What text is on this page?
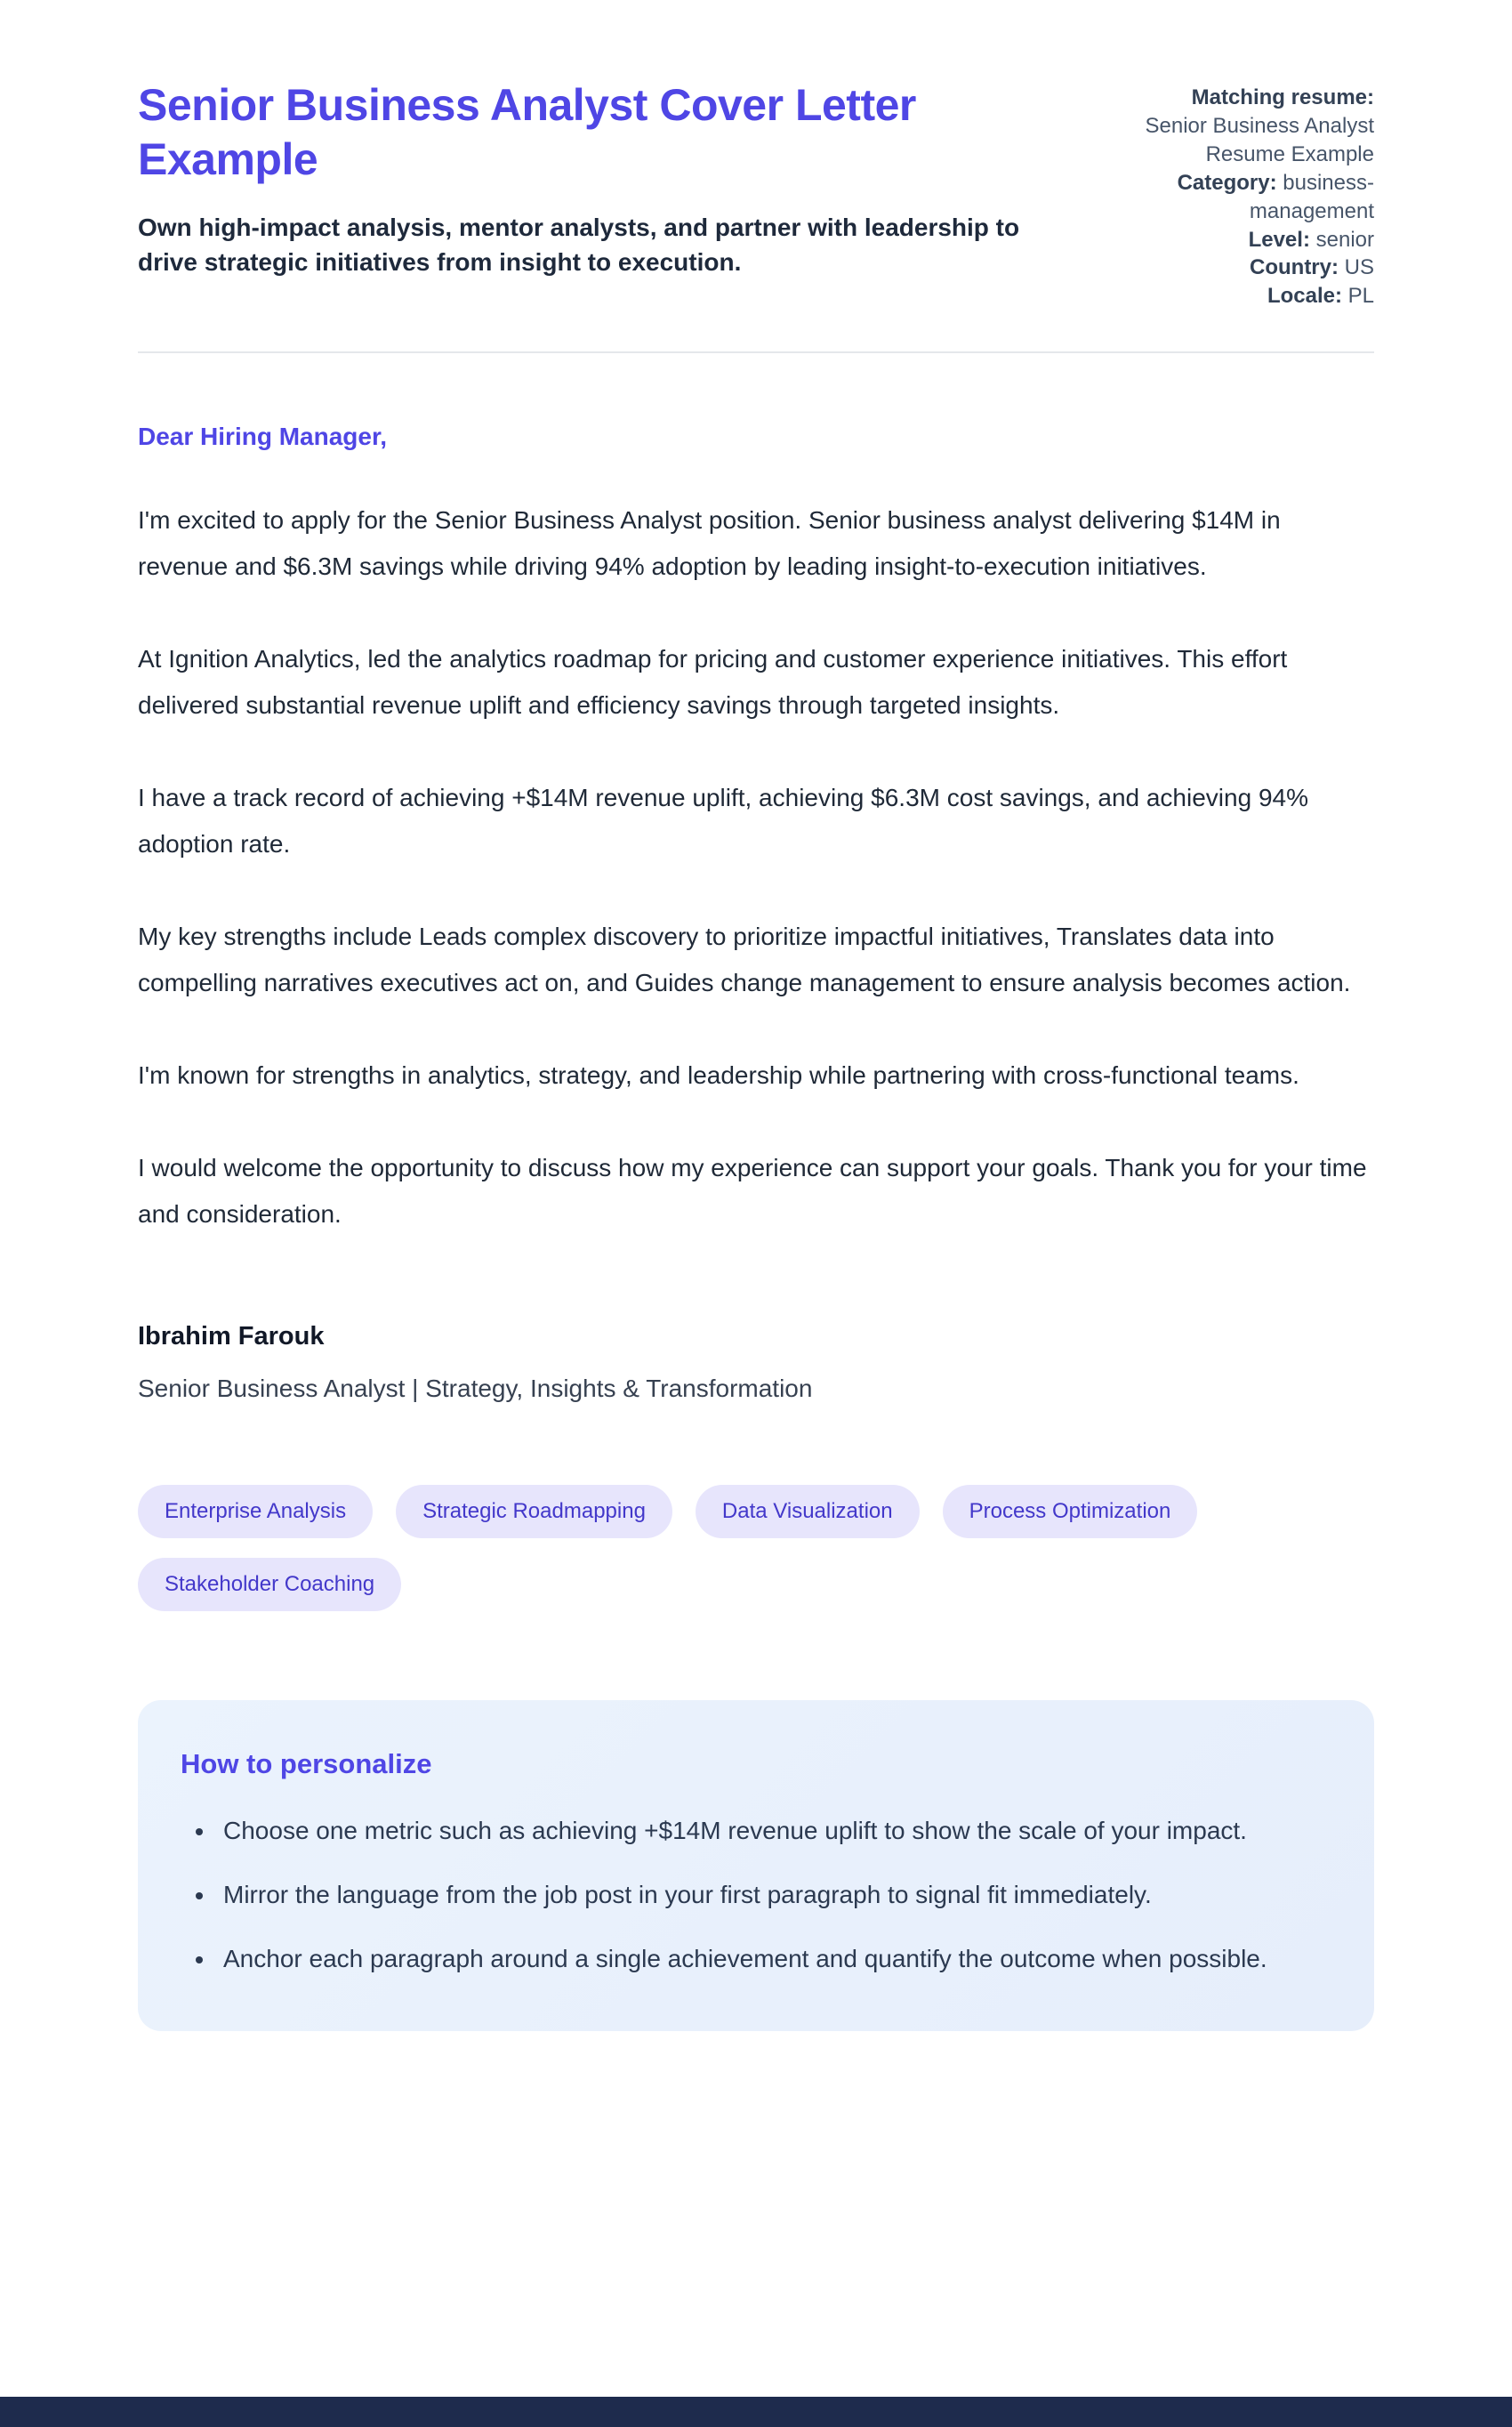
Senior Business Analyst Cover Letter Example

Own high-impact analysis, mentor analysts, and partner with leadership to drive strategic initiatives from insight to execution.

Matching resume:
Senior Business Analyst Resume Example
Category: business-management
Level: senior
Country: US
Locale: PL

Dear Hiring Manager,

I'm excited to apply for the Senior Business Analyst position. Senior business analyst delivering $14M in revenue and $6.3M savings while driving 94% adoption by leading insight-to-execution initiatives.

At Ignition Analytics, led the analytics roadmap for pricing and customer experience initiatives. This effort delivered substantial revenue uplift and efficiency savings through targeted insights.

I have a track record of achieving +$14M revenue uplift, achieving $6.3M cost savings, and achieving 94% adoption rate.

My key strengths include Leads complex discovery to prioritize impactful initiatives, Translates data into compelling narratives executives act on, and Guides change management to ensure analysis becomes action.

I'm known for strengths in analytics, strategy, and leadership while partnering with cross-functional teams.

I would welcome the opportunity to discuss how my experience can support your goals. Thank you for your time and consideration.

Ibrahim Farouk

Senior Business Analyst | Strategy, Insights & Transformation

Enterprise Analysis	Strategic Roadmapping	Data Visualization	Process Optimization
Stakeholder Coaching
How to personalize
• Choose one metric such as achieving +$14M revenue uplift to show the scale of your impact.
• Mirror the language from the job post in your first paragraph to signal fit immediately.
• Anchor each paragraph around a single achievement and quantify the outcome when possible.
